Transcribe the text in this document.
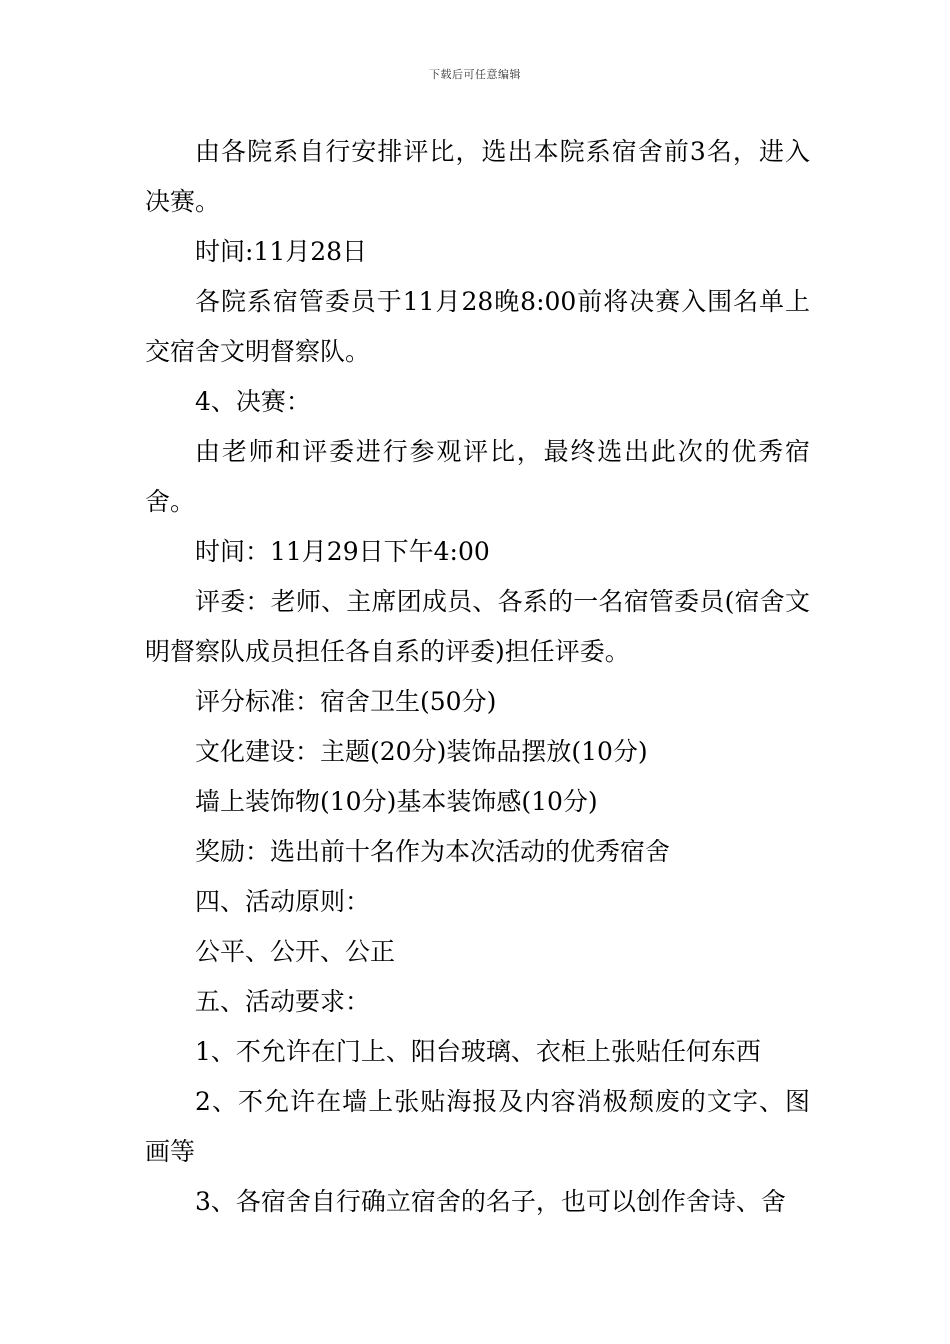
下载后可任意编辑

由各院系自行安排评比，选出本院系宿舍前3名，进入决赛。

时间:11月28日

各院系宿管委员于11月28晚8:00前将决赛入围名单上交宿舍文明督察队。

4、决赛：

由老师和评委进行参观评比，最终选出此次的优秀宿舍。

时间：11月29日下午4:00

评委：老师、主席团成员、各系的一名宿管委员(宿舍文明督察队成员担任各自系的评委)担任评委。

评分标准：宿舍卫生(50分)

文化建设：主题(20分)装饰品摆放(10分)

墙上装饰物(10分)基本装饰感(10分)

奖励：选出前十名作为本次活动的优秀宿舍

四、活动原则：

公平、公开、公正

五、活动要求：

1、不允许在门上、阳台玻璃、衣柜上张贴任何东西

2、不允许在墙上张贴海报及内容消极颓废的文字、图画等

3、各宿舍自行确立宿舍的名子，也可以创作舍诗、舍
